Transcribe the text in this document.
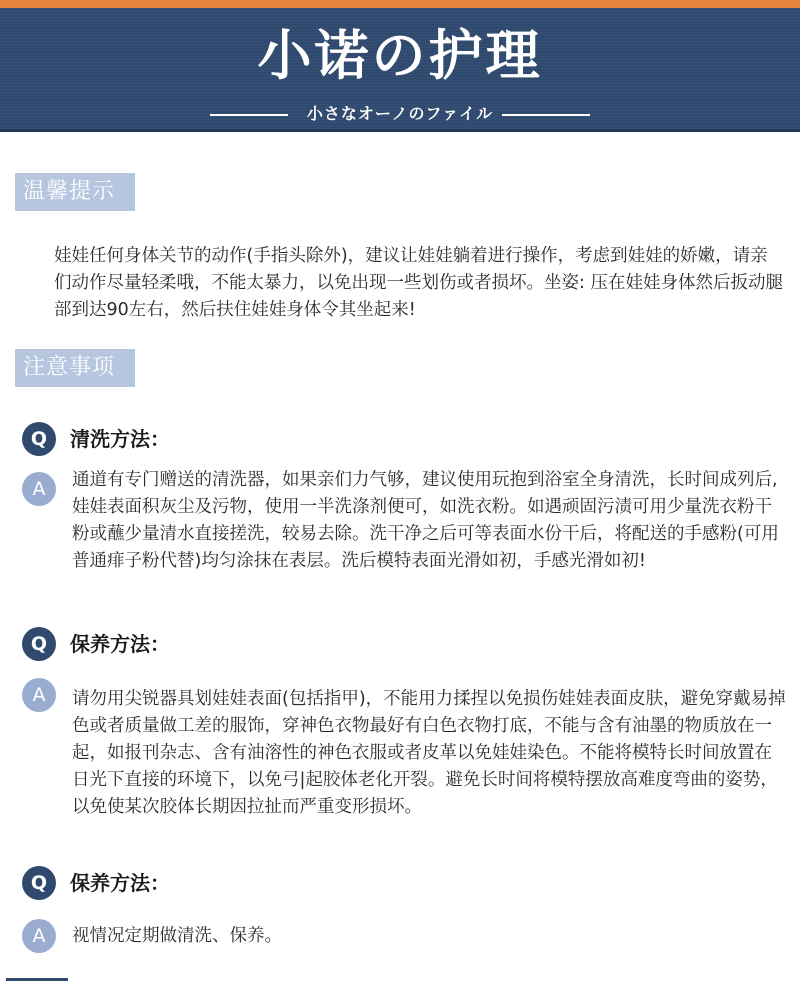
小诺の护理
小さなオーノのファイル
温馨提示
娃娃任何身体关节的动作(手指头除外)，建议让娃娃躺着进行操作，考虑到娃娃的娇嫩，请亲们动作尽量轻柔哦，不能太暴力，以免出现一些划伤或者损坏。坐姿: 压在娃娃身体然后扳动腿部到达90左右，然后扶住娃娃身体令其坐起来!
注意事项
Q	清洗方法：
A	通道有专门赠送的清洗器，如果亲们力气够，建议使用玩抱到浴室全身清洗，长时间成列后,娃娃表面积灰尘及污物，使用一半洗涤剂便可，如洗衣粉。如遇顽固污渍可用少量洗衣粉干粉或蘸少量清水直接搓洗，较易去除。洗干净之后可等表面水份干后，将配送的手感粉(可用普通痱子粉代替)均匀涂抹在表层。洗后模特表面光滑如初，手感光滑如初!
Q	保养方法：
A	请勿用尖锐器具划娃娃表面(包括指甲)，不能用力揉捏以免损伤娃娃表面皮肤，避免穿戴易掉色或者质量做工差的服饰，穿神色衣物最好有白色衣物打底，不能与含有油墨的物质放在一起，如报刊杂志、含有油溶性的神色衣服或者皮革以免娃娃染色。不能将模特长时间放置在日光下直接的环境下，以免弓|起胶体老化开裂。避免长时间将模特摆放高难度弯曲的姿势，以免使某次胶体长期因拉扯而严重变形损坏。
Q	保养方法：
A	视情况定期做清洗、保养。
